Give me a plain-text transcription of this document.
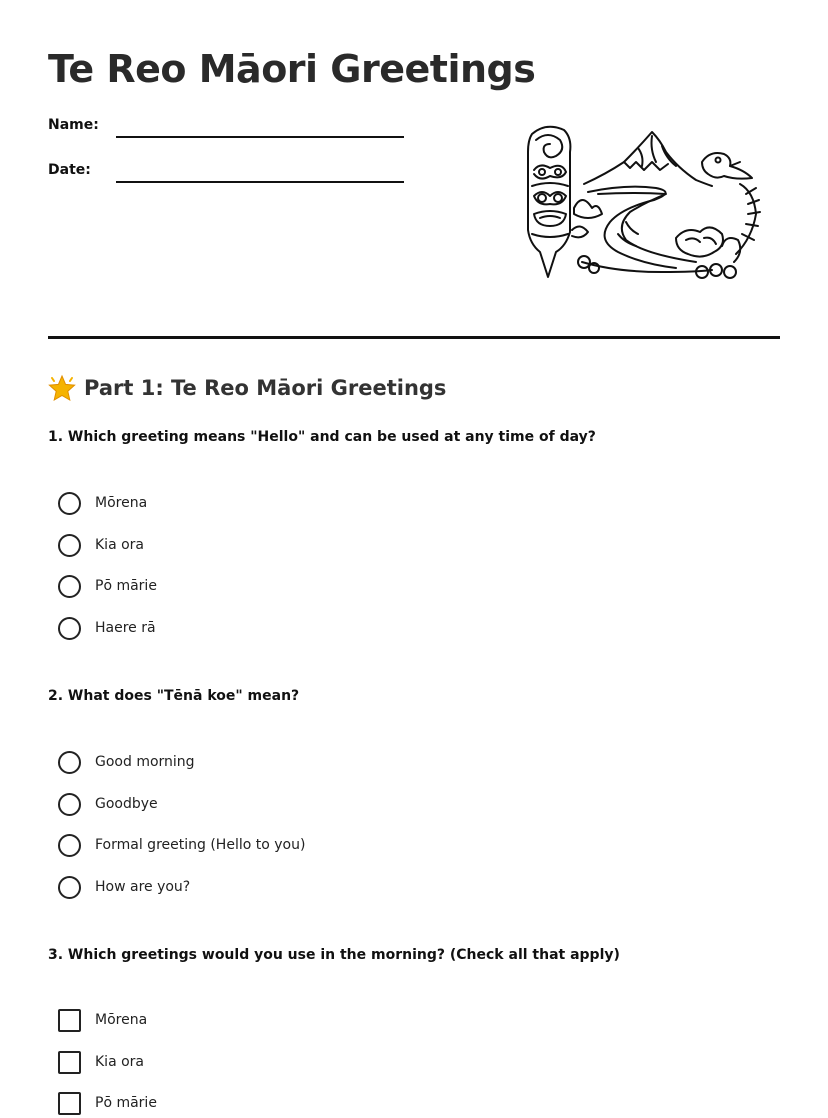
Te Reo Māori Greetings
Name:
Date:
Part 1: Te Reo Māori Greetings
1. Which greeting means "Hello" and can be used at any time of day?
Mōrena
Kia ora
Pō mārie
Haere rā
2. What does "Tēnā koe" mean?
Good morning
Goodbye
Formal greeting (Hello to you)
How are you?
3. Which greetings would you use in the morning? (Check all that apply)
Mōrena
Kia ora
Pō mārie
